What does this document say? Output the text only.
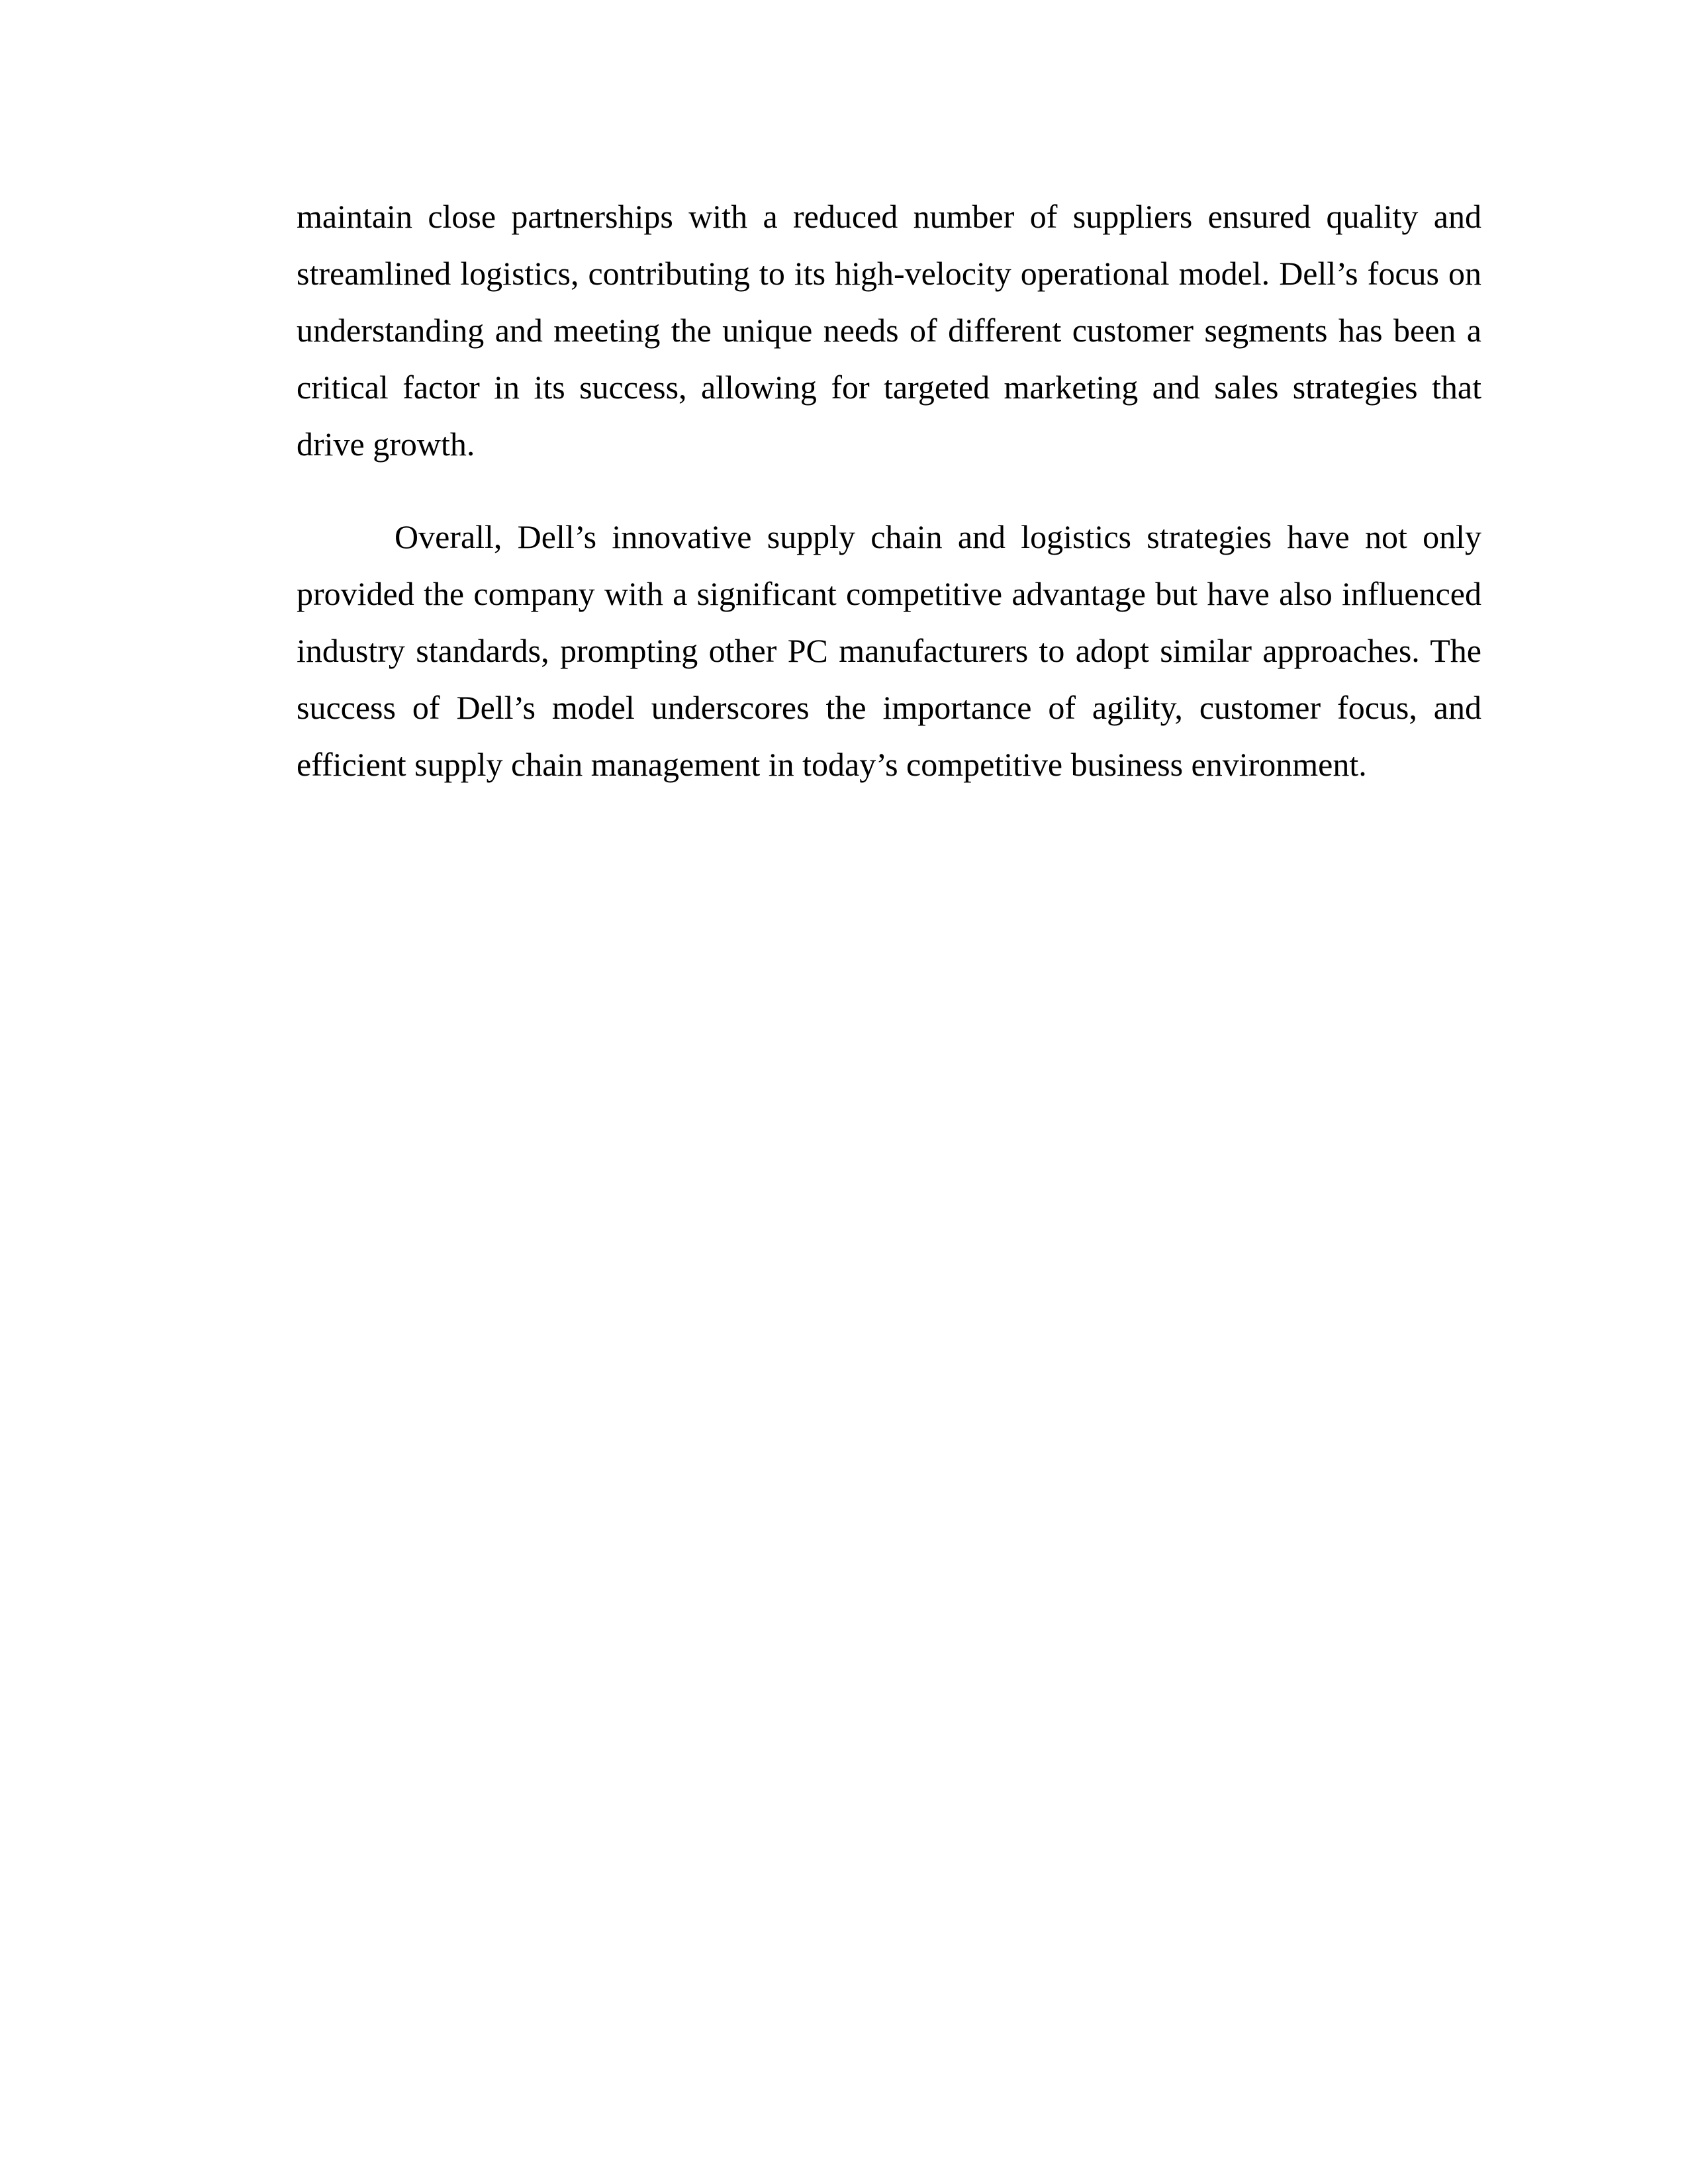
maintain close partnerships with a reduced number of suppliers ensured quality and streamlined logistics, contributing to its high-velocity operational model. Dell’s focus on understanding and meeting the unique needs of different customer segments has been a critical factor in its success, allowing for targeted marketing and sales strategies that drive growth.

Overall, Dell’s innovative supply chain and logistics strategies have not only provided the company with a significant competitive advantage but have also influenced industry standards, prompting other PC manufacturers to adopt similar approaches. The success of Dell’s model underscores the importance of agility, customer focus, and efficient supply chain management in today’s competitive business environment.
